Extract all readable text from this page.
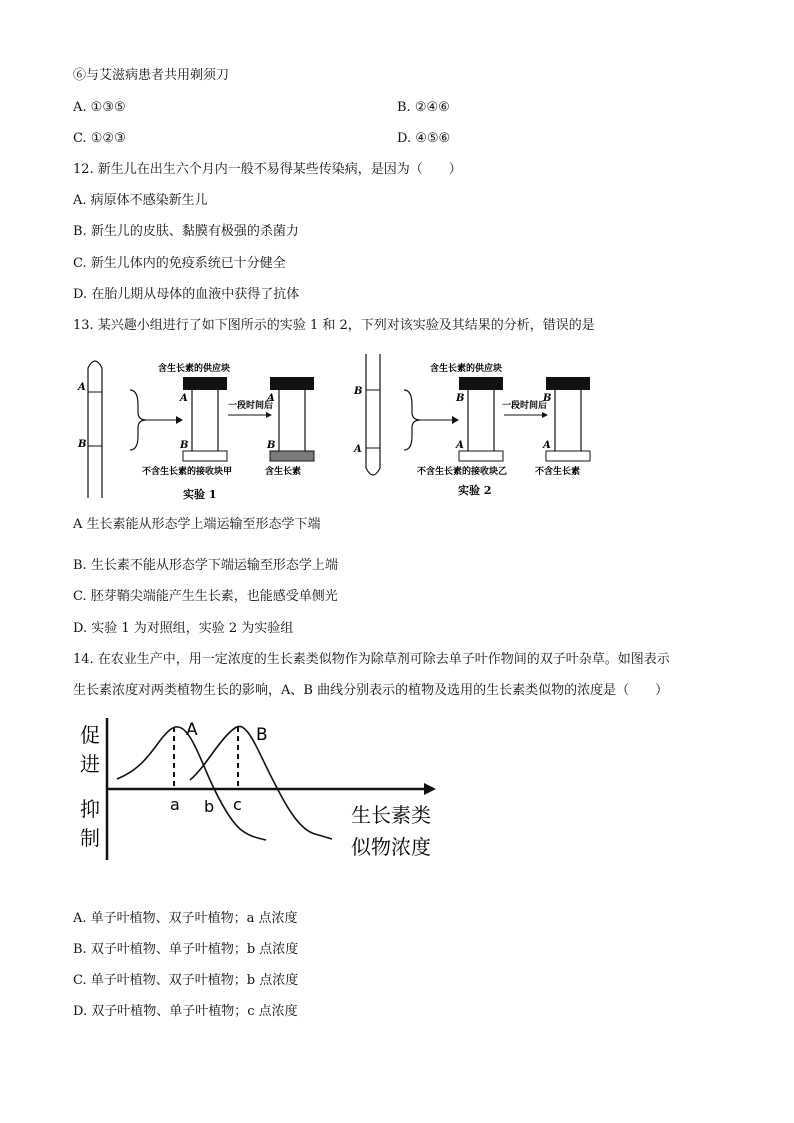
⑥与艾滋病患者共用剃须刀
A. ①③⑤	B. ②④⑥
C. ①②③	D. ④⑤⑥
12. 新生儿在出生六个月内一般不易得某些传染病，是因为（　　）
A. 病原体不感染新生儿
B. 新生儿的皮肤、黏膜有极强的杀菌力
C. 新生儿体内的免疫系统已十分健全
D. 在胎儿期从母体的血液中获得了抗体
13. 某兴趣小组进行了如下图所示的实验 1 和 2，下列对该实验及其结果的分析，错误的是
A
B
含生长素的供应块
A
B
一段时间后
A
B
不含生长素的接收块甲	含生长素
实验 1
B
A
含生长素的供应块
B
A
一段时间后
B
A
不含生长素的接收块乙	不含生长素
实验 2
A 生长素能从形态学上端运输至形态学下端
B. 生长素不能从形态学下端运输至形态学上端
C. 胚芽鞘尖端能产生生长素，也能感受单侧光
D. 实验 1 为对照组，实验 2 为实验组
14. 在农业生产中，用一定浓度的生长素类似物作为除草剂可除去单子叶作物间的双子叶杂草。如图表示
生长素浓度对两类植物生长的影响，A、B 曲线分别表示的植物及选用的生长素类似物的浓度是（　　）
促
进
抑
制
A	B
a b c	生长素类
似物浓度
A. 单子叶植物、双子叶植物；a 点浓度
B. 双子叶植物、单子叶植物；b 点浓度
C. 单子叶植物、双子叶植物；b 点浓度
D. 双子叶植物、单子叶植物；c 点浓度
